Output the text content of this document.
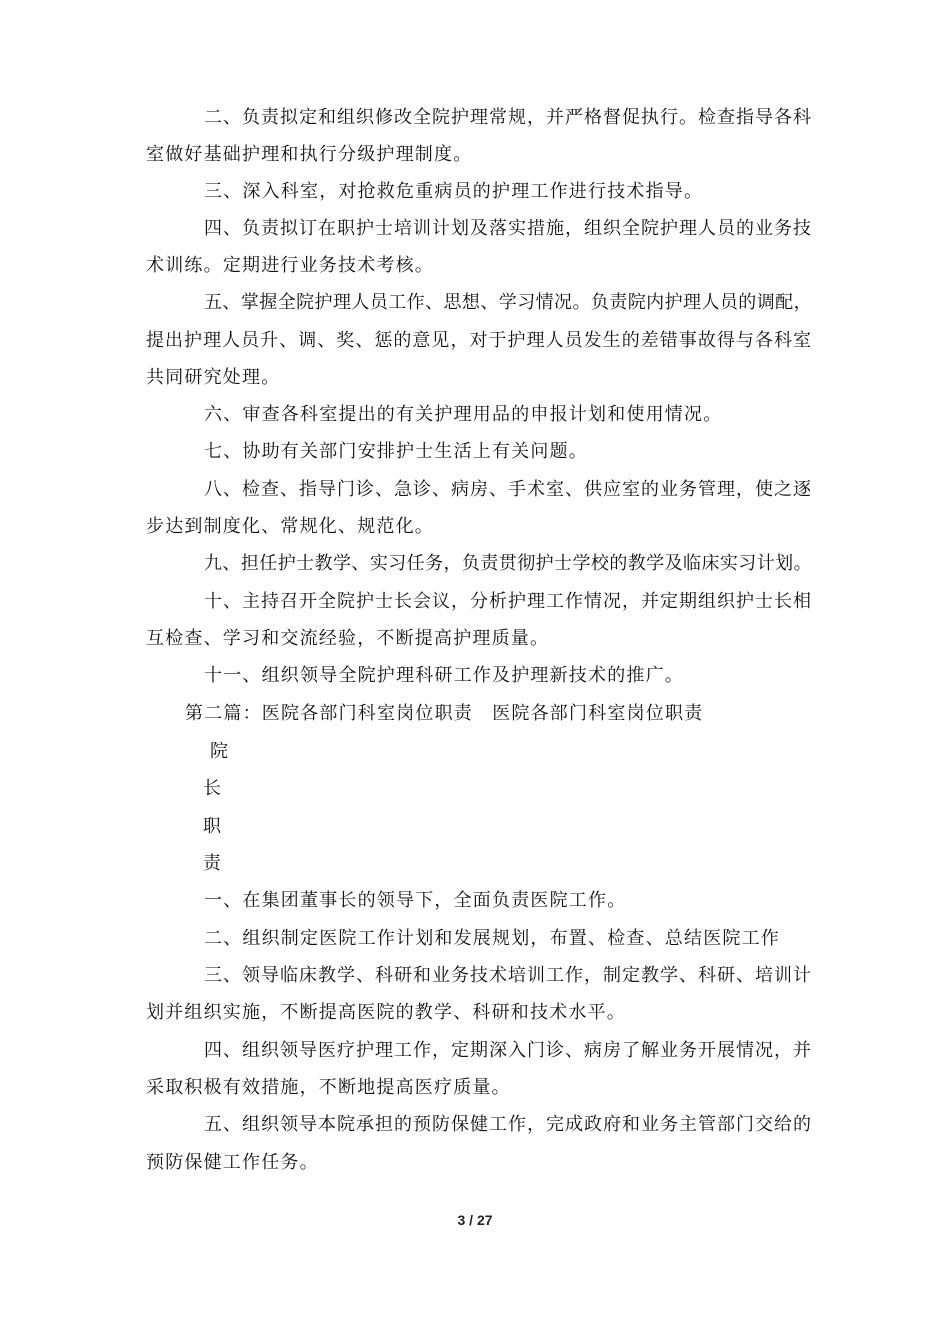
二、负责拟定和组织修改全院护理常规，并严格督促执行。检查指导各科
室做好基础护理和执行分级护理制度。
三、深入科室，对抢救危重病员的护理工作进行技术指导。
四、负责拟订在职护士培训计划及落实措施，组织全院护理人员的业务技
术训练。定期进行业务技术考核。
五、掌握全院护理人员工作、思想、学习情况。负责院内护理人员的调配，
提出护理人员升、调、奖、惩的意见，对于护理人员发生的差错事故得与各科室
共同研究处理。
六、审查各科室提出的有关护理用品的申报计划和使用情况。
七、协助有关部门安排护士生活上有关问题。
八、检查、指导门诊、急诊、病房、手术室、供应室的业务管理，使之逐
步达到制度化、常规化、规范化。
九、担任护士教学、实习任务，负责贯彻护士学校的教学及临床实习计划。
十、主持召开全院护士长会议，分析护理工作情况，并定期组织护士长相
互检查、学习和交流经验，不断提高护理质量。
十一、组织领导全院护理科研工作及护理新技术的推广。
第二篇：医院各部门科室岗位职责　医院各部门科室岗位职责
院
长
职
责
一、在集团董事长的领导下，全面负责医院工作。
二、组织制定医院工作计划和发展规划，布置、检查、总结医院工作
三、领导临床教学、科研和业务技术培训工作，制定教学、科研、培训计
划并组织实施，不断提高医院的教学、科研和技术水平。
四、组织领导医疗护理工作，定期深入门诊、病房了解业务开展情况，并
采取积极有效措施，不断地提高医疗质量。
五、组织领导本院承担的预防保健工作，完成政府和业务主管部门交给的
预防保健工作任务。
3 / 27
